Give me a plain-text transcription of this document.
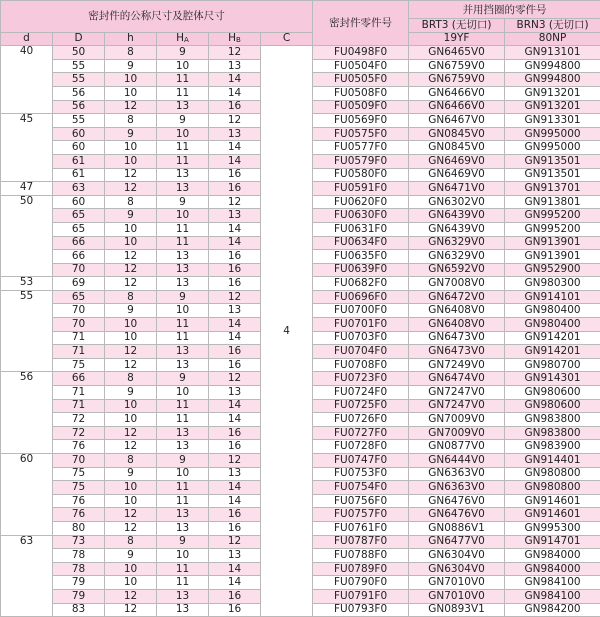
密封件的公称尺寸及腔体尺寸						密封件零件号	并用挡圈的零件号	
							BRT3 (无切口)	BRN3 (无切口)
d	D	h	$H_A$	$H_B$	C		19YF	80NP
40	50	8	9	12	4	FU0498F0	GN6465V0	GN913101
	55	9	10	13		FU0504F0	GN6759V0	GN994800
	55	10	11	14		FU0505F0	GN6759V0	GN994800
	56	10	11	14		FU0508F0	GN6466V0	GN913201
	56	12	13	16		FU0509F0	GN6466V0	GN913201
45	55	8	9	12		FU0569F0	GN6467V0	GN913301
	60	9	10	13		FU0575F0	GN0845V0	GN995000
	60	10	11	14		FU0577F0	GN0845V0	GN995000
	61	10	11	14		FU0579F0	GN6469V0	GN913501
	61	12	13	16		FU0580F0	GN6469V0	GN913501
47	63	12	13	16		FU0591F0	GN6471V0	GN913701
50	60	8	9	12		FU0620F0	GN6302V0	GN913801
	65	9	10	13		FU0630F0	GN6439V0	GN995200
	65	10	11	14		FU0631F0	GN6439V0	GN995200
	66	10	11	14		FU0634F0	GN6329V0	GN913901
	66	12	13	16		FU0635F0	GN6329V0	GN913901
	70	12	13	16		FU0639F0	GN6592V0	GN952900
53	69	12	13	16		FU0682F0	GN7008V0	GN980300
55	65	8	9	12		FU0696F0	GN6472V0	GN914101
	70	9	10	13		FU0700F0	GN6408V0	GN980400
	70	10	11	14		FU0701F0	GN6408V0	GN980400
	71	10	11	14		FU0703F0	GN6473V0	GN914201
	71	12	13	16		FU0704F0	GN6473V0	GN914201
	75	12	13	16		FU0708F0	GN7249V0	GN980700
56	66	8	9	12		FU0723F0	GN6474V0	GN914301
	71	9	10	13		FU0724F0	GN7247V0	GN980600
	71	10	11	14		FU0725F0	GN7247V0	GN980600
	72	10	11	14		FU0726F0	GN7009V0	GN983800
	72	12	13	16		FU0727F0	GN7009V0	GN983800
	76	12	13	16		FU0728F0	GN0877V0	GN983900
60	70	8	9	12		FU0747F0	GN6444V0	GN914401
	75	9	10	13		FU0753F0	GN6363V0	GN980800
	75	10	11	14		FU0754F0	GN6363V0	GN980800
	76	10	11	14		FU0756F0	GN6476V0	GN914601
	76	12	13	16		FU0757F0	GN6476V0	GN914601
	80	12	13	16		FU0761F0	GN0886V1	GN995300
63	73	8	9	12		FU0787F0	GN6477V0	GN914701
	78	9	10	13		FU0788F0	GN6304V0	GN984000
	78	10	11	14		FU0789F0	GN6304V0	GN984000
	79	10	11	14		FU0790F0	GN7010V0	GN984100
	79	12	13	16		FU0791F0	GN7010V0	GN984100
	83	12	13	16		FU0793F0	GN0893V1	GN984200
